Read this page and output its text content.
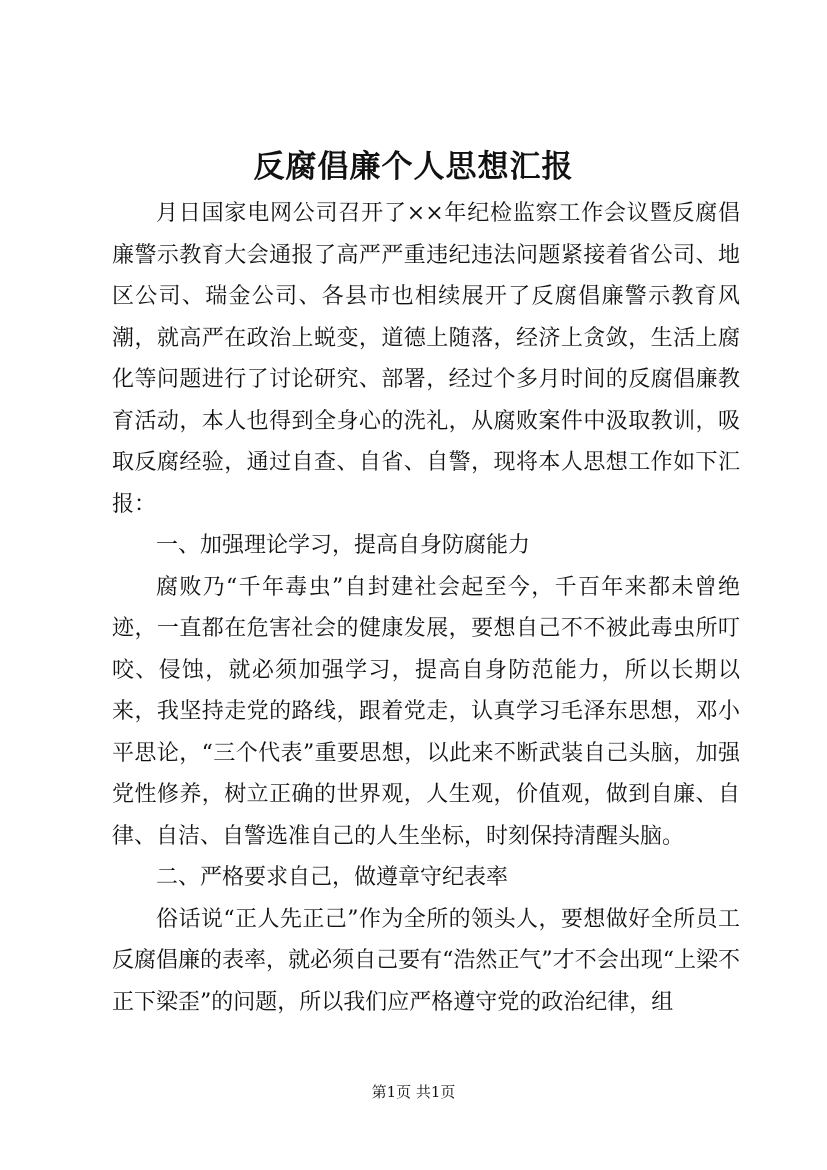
反腐倡廉个人思想汇报

月日国家电网公司召开了××年纪检监察工作会议暨反腐倡廉警示教育大会通报了高严严重违纪违法问题紧接着省公司、地区公司、瑞金公司、各县市也相续展开了反腐倡廉警示教育风潮，就高严在政治上蜕变，道德上随落，经济上贪敛，生活上腐化等问题进行了讨论研究、部署，经过个多月时间的反腐倡廉教育活动，本人也得到全身心的洗礼，从腐败案件中汲取教训，吸取反腐经验，通过自查、自省、自警，现将本人思想工作如下汇报：

一、加强理论学习，提高自身防腐能力

腐败乃“千年毒虫”自封建社会起至今，千百年来都未曾绝迹，一直都在危害社会的健康发展，要想自己不不被此毒虫所叮咬、侵蚀，就必须加强学习，提高自身防范能力，所以长期以来，我坚持走党的路线，跟着党走，认真学习毛泽东思想，邓小平思论，“三个代表”重要思想，以此来不断武装自己头脑，加强党性修养，树立正确的世界观，人生观，价值观，做到自廉、自律、自洁、自警选准自己的人生坐标，时刻保持清醒头脑。

二、严格要求自己，做遵章守纪表率

俗话说“正人先正己”作为全所的领头人，要想做好全所员工反腐倡廉的表率，就必须自己要有“浩然正气”才不会出现“上梁不正下梁歪”的问题，所以我们应严格遵守党的政治纪律，组

第1页 共1页
